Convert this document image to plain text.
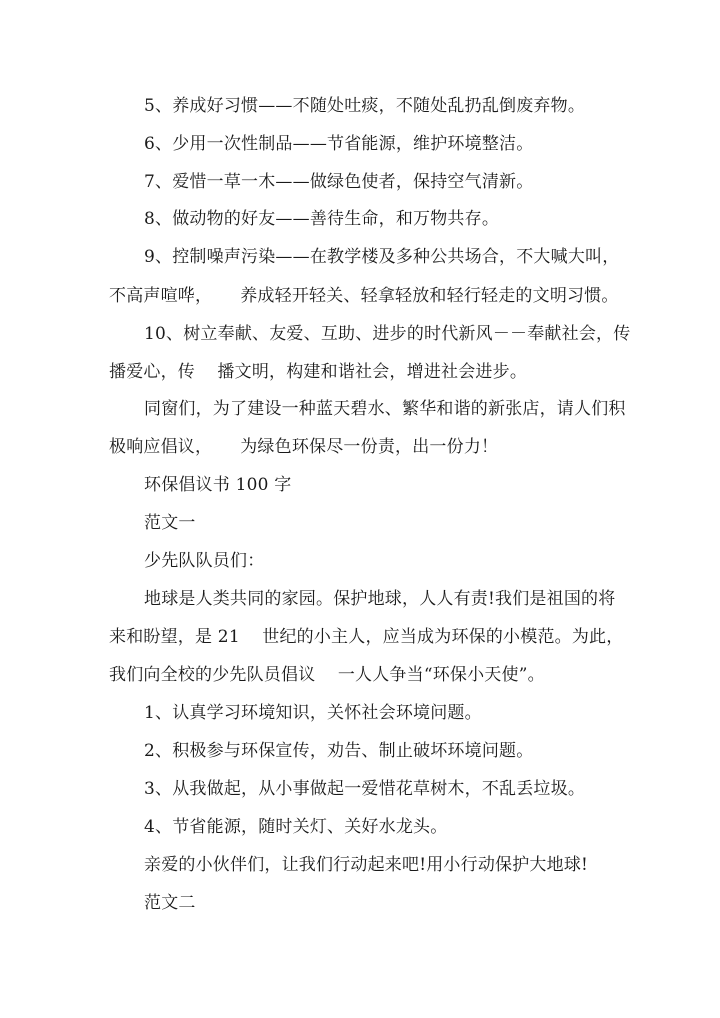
5、养成好习惯——不随处吐痰，不随处乱扔乱倒废弃物。
6、少用一次性制品——节省能源，维护环境整洁。
7、爱惜一草一木——做绿色使者，保持空气清新。
8、做动物的好友——善待生命，和万物共存。
9、控制噪声污染——在教学楼及多种公共场合，不大喊大叫，
不高声喧哗，     养成轻开轻关、轻拿轻放和轻行轻走的文明习惯。
10、树立奉献、友爱、互助、进步的时代新风－－奉献社会，传
播爱心，传    播文明，构建和谐社会，增进社会进步。
同窗们，为了建设一种蓝天碧水、繁华和谐的新张店，请人们积
极响应倡议，     为绿色环保尽一份责，出一份力！
环保倡议书 100 字
范文一
少先队队员们：
地球是人类共同的家园。保护地球，人人有责!我们是祖国的将
来和盼望，是 21    世纪的小主人，应当成为环保的小模范。为此，
我们向全校的少先队员倡议    一人人争当“环保小天使”。
1、认真学习环境知识，关怀社会环境问题。
2、积极参与环保宣传，劝告、制止破坏环境问题。
3、从我做起，从小事做起一爱惜花草树木，不乱丢垃圾。
4、节省能源，随时关灯、关好水龙头。
亲爱的小伙伴们，让我们行动起来吧!用小行动保护大地球!
范文二
